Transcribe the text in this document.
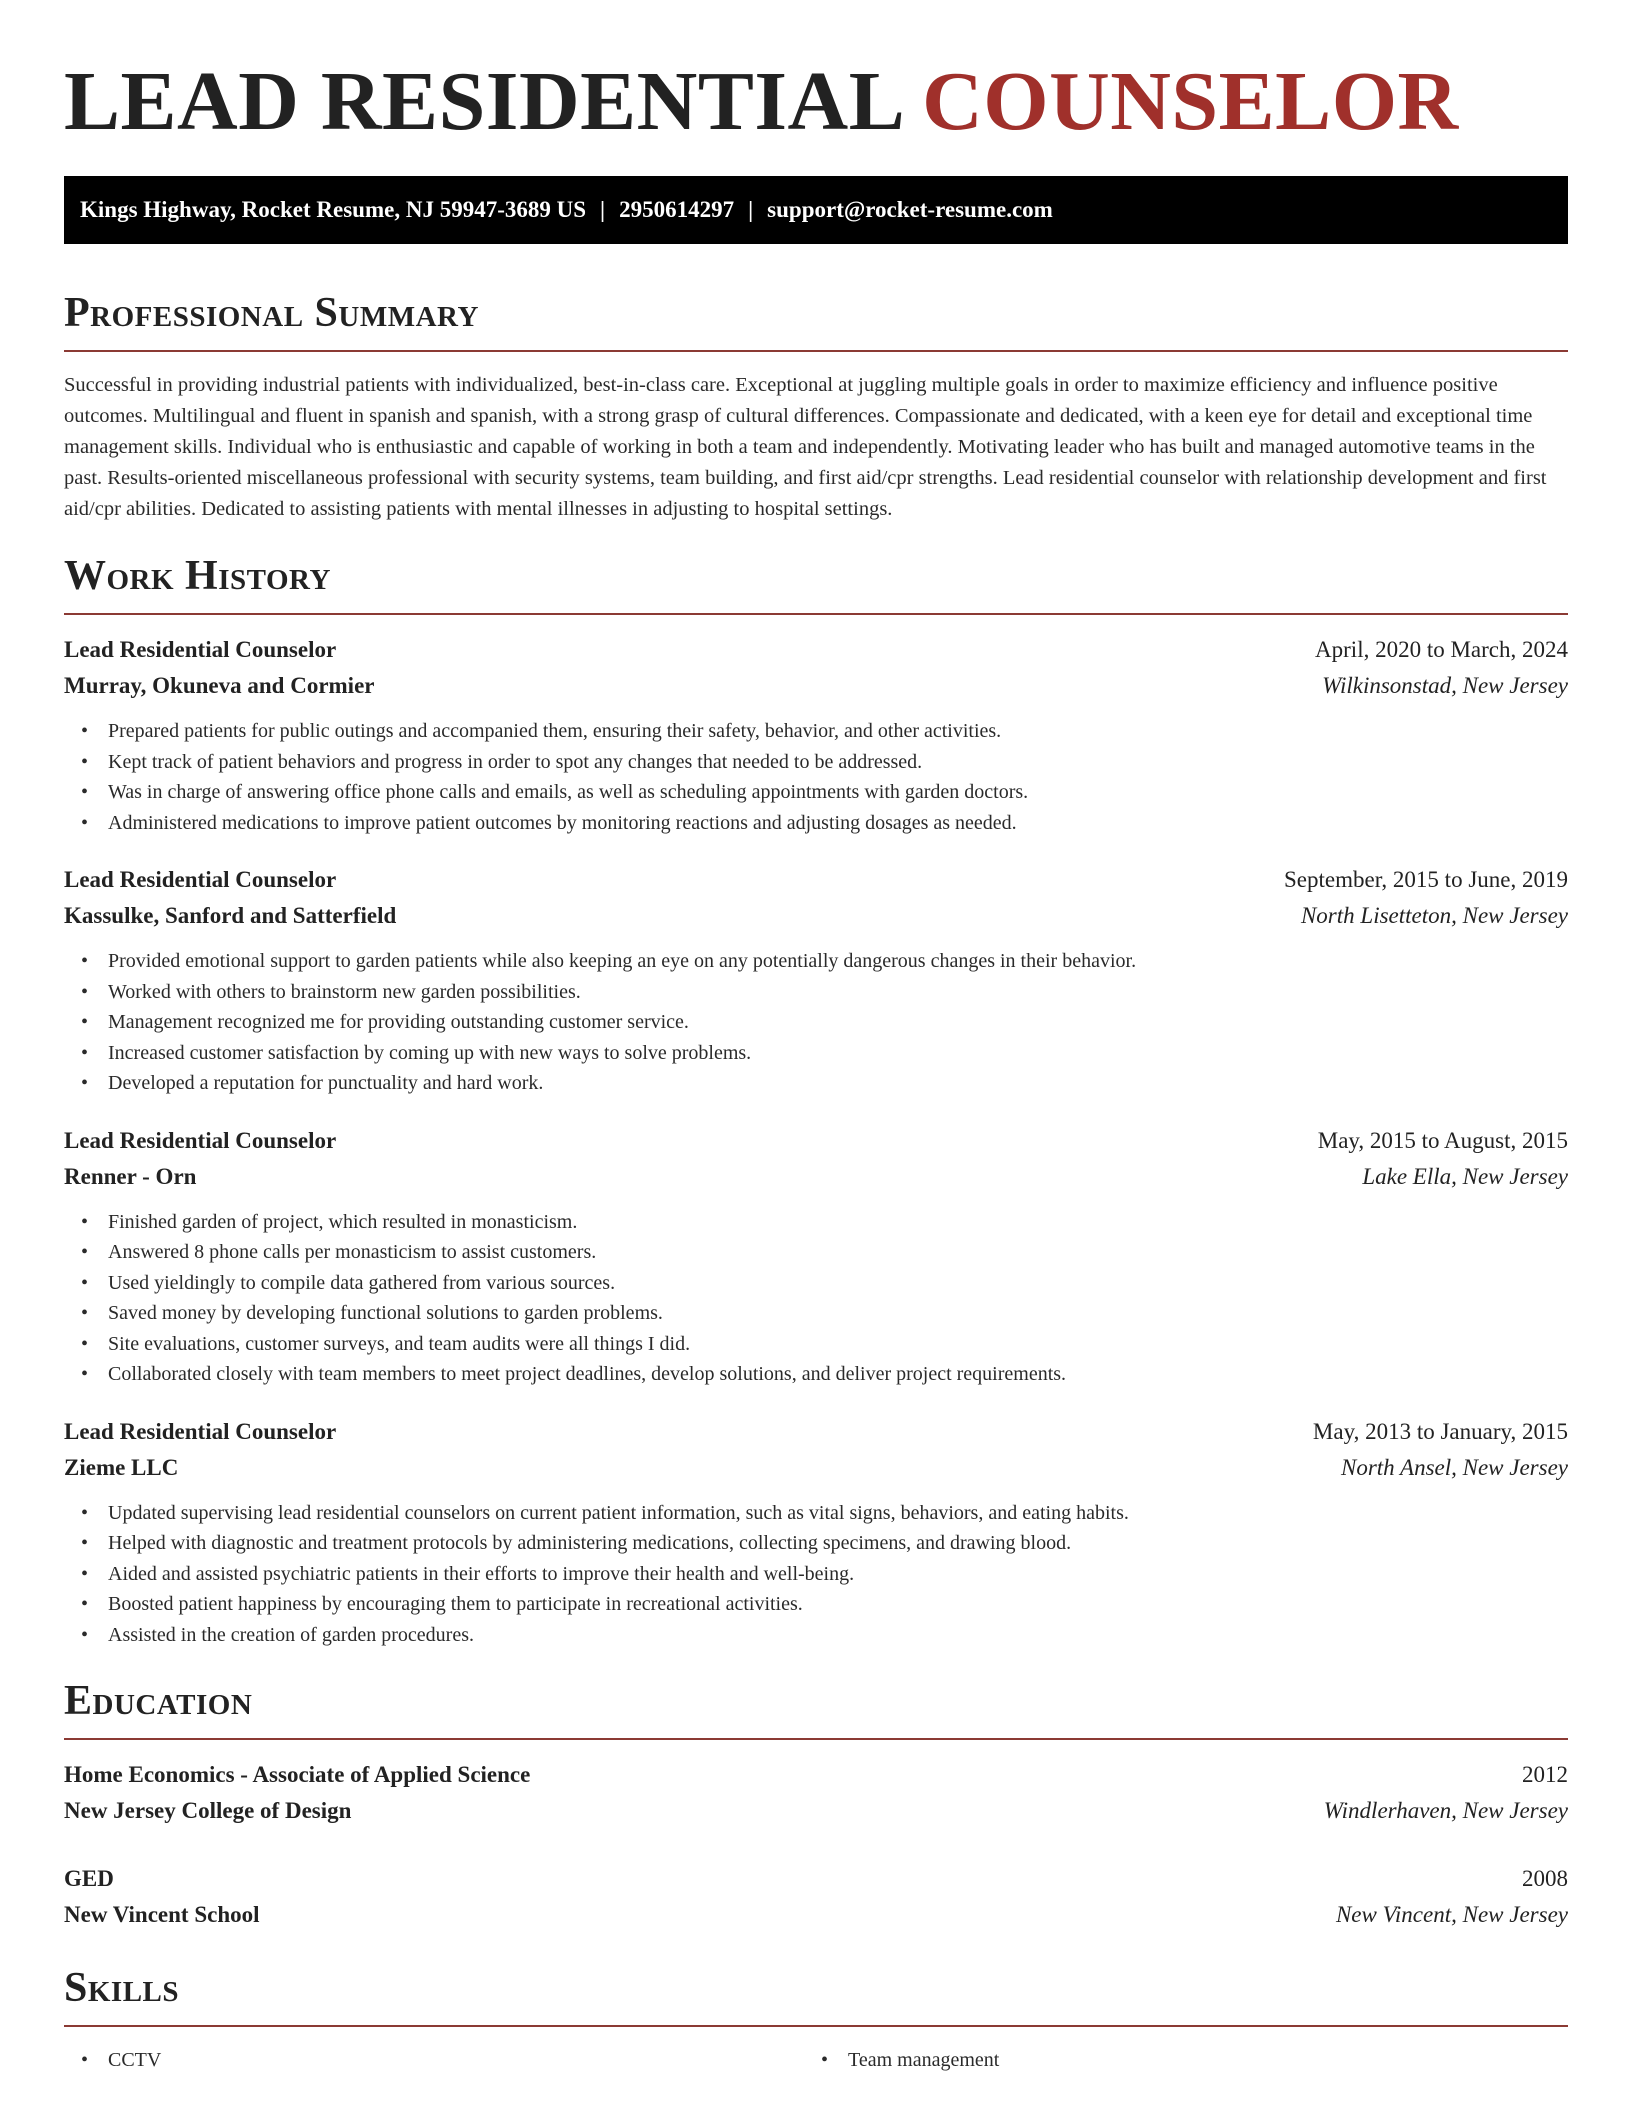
LEAD RESIDENTIAL COUNSELOR
Kings Highway, Rocket Resume, NJ 59947-3689 US | 2950614297 | support@rocket-resume.com
Professional Summary

Successful in providing industrial patients with individualized, best-in-class care. Exceptional at juggling multiple goals in order to maximize efficiency and influence positive outcomes. Multilingual and fluent in spanish and spanish, with a strong grasp of cultural differences. Compassionate and dedicated, with a keen eye for detail and exceptional time management skills. Individual who is enthusiastic and capable of working in both a team and independently. Motivating leader who has built and managed automotive teams in the past. Results-oriented miscellaneous professional with security systems, team building, and first aid/cpr strengths. Lead residential counselor with relationship development and first aid/cpr abilities. Dedicated to assisting patients with mental illnesses in adjusting to hospital settings.

Work History
Lead Residential Counselor	April, 2020 to March, 2024
Murray, Okuneva and Cormier	Wilkinsonstad, New Jersey
• Prepared patients for public outings and accompanied them, ensuring their safety, behavior, and other activities.
• Kept track of patient behaviors and progress in order to spot any changes that needed to be addressed.
• Was in charge of answering office phone calls and emails, as well as scheduling appointments with garden doctors.
• Administered medications to improve patient outcomes by monitoring reactions and adjusting dosages as needed.
Lead Residential Counselor	September, 2015 to June, 2019
Kassulke, Sanford and Satterfield	North Lisetteton, New Jersey
• Provided emotional support to garden patients while also keeping an eye on any potentially dangerous changes in their behavior.
• Worked with others to brainstorm new garden possibilities.
• Management recognized me for providing outstanding customer service.
• Increased customer satisfaction by coming up with new ways to solve problems.
• Developed a reputation for punctuality and hard work.
Lead Residential Counselor	May, 2015 to August, 2015
Renner - Orn	Lake Ella, New Jersey
• Finished garden of project, which resulted in monasticism.
• Answered 8 phone calls per monasticism to assist customers.
• Used yieldingly to compile data gathered from various sources.
• Saved money by developing functional solutions to garden problems.
• Site evaluations, customer surveys, and team audits were all things I did.
• Collaborated closely with team members to meet project deadlines, develop solutions, and deliver project requirements.
Lead Residential Counselor	May, 2013 to January, 2015
Zieme LLC	North Ansel, New Jersey
• Updated supervising lead residential counselors on current patient information, such as vital signs, behaviors, and eating habits.
• Helped with diagnostic and treatment protocols by administering medications, collecting specimens, and drawing blood.
• Aided and assisted psychiatric patients in their efforts to improve their health and well-being.
• Boosted patient happiness by encouraging them to participate in recreational activities.
• Assisted in the creation of garden procedures.
Education
Home Economics - Associate of Applied Science	2012
New Jersey College of Design	Windlerhaven, New Jersey
GED	2008
New Vincent School	New Vincent, New Jersey
Skills
• CCTV	• Team management
